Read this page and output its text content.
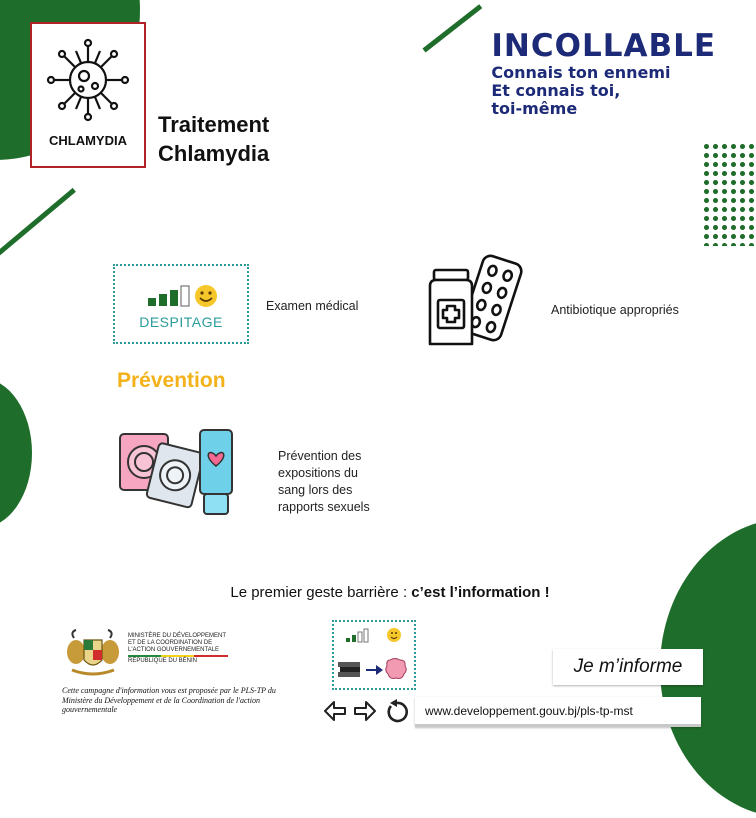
CHLAMYDIA
Traitement
Chlamydia
INCOLLABLE
Connais ton ennemi
Et connais toi,
toi-même
DESPITAGE
Examen médical	Antibiotique appropriés
Prévention
Prévention des expositions du sang lors des rapports sexuels
Le premier geste barrière : c’est l’information !
MINISTÈRE DU DÉVELOPPEMENT
ET DE LA COORDINATION DE
L'ACTION GOUVERNEMENTALE
RÉPUBLIQUE DU BÉNIN
Cette campagne d'information vous est proposée par le PLS-TP du Ministère du Développement et de la Coordination de l'action gouvernementale
Je m’informe
www.developpement.gouv.bj/pls-tp-mst
